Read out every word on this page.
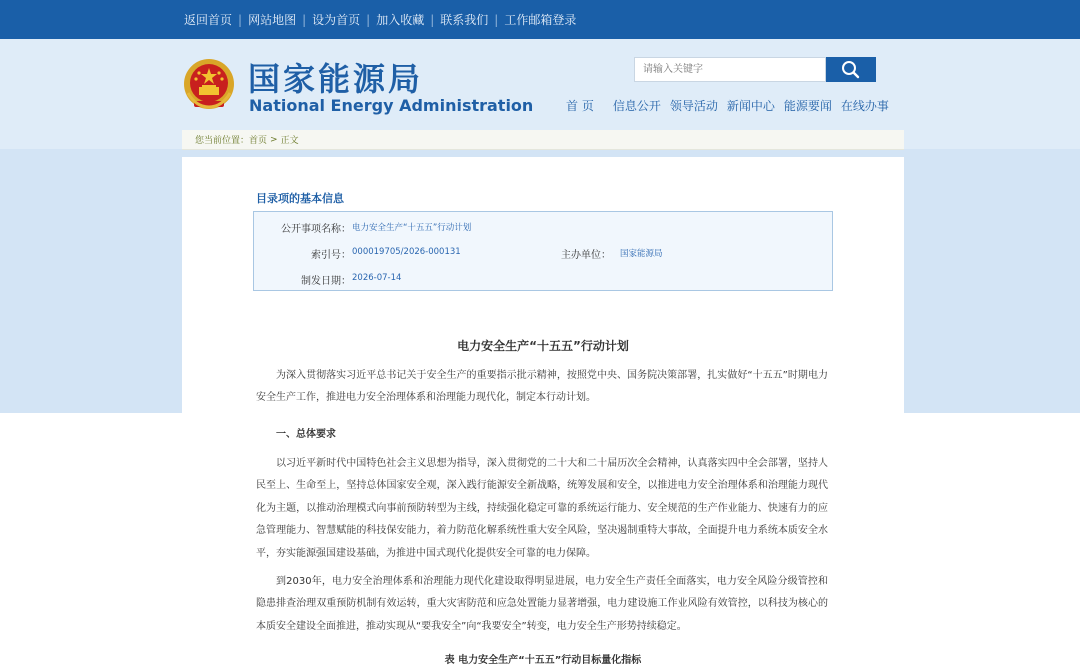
返回首页 | 网站地图 | 设为首页 | 加入收藏 | 联系我们 | 工作邮箱登录
国家能源局
National Energy Administration
请输入关键字	首 页 信息公开 领导活动 新闻中心 能源要闻 在线办事
您当前位置： 首页 > 正文
目录项的基本信息
公开事项名称： 电力安全生产“十五五”行动计划
索引号： 000019705/2026-000131	主办单位： 国家能源局
制发日期： 2026-07-14
电力安全生产“十五五”行动计划

为深入贯彻落实习近平总书记关于安全生产的重要指示批示精神，按照党中央、国务院决策部署，扎实做好“十五五”时期电力安全生产工作，推进电力安全治理体系和治理能力现代化，制定本行动计划。

一、总体要求

以习近平新时代中国特色社会主义思想为指导，深入贯彻党的二十大和二十届历次全会精神，认真落实四中全会部署，坚持人民至上、生命至上，坚持总体国家安全观，深入践行能源安全新战略，统筹发展和安全，以推进电力安全治理体系和治理能力现代化为主题，以推动治理模式向事前预防转型为主线，持续强化稳定可靠的系统运行能力、安全规范的生产作业能力、快速有力的应急管理能力、智慧赋能的科技保安能力，着力防范化解系统性重大安全风险，坚决遏制重特大事故，全面提升电力系统本质安全水平，夯实能源强国建设基础，为推进中国式现代化提供安全可靠的电力保障。

到2030年，电力安全治理体系和治理能力现代化建设取得明显进展，电力安全生产责任全面落实，电力安全风险分级管控和隐患排查治理双重预防机制有效运转，重大灾害防范和应急处置能力显著增强，电力建设施工作业风险有效管控，以科技为核心的本质安全建设全面推进，推动实现从“要我安全”向“我要安全”转变，电力安全生产形势持续稳定。

表 电力安全生产“十五五”行动目标量化指标
